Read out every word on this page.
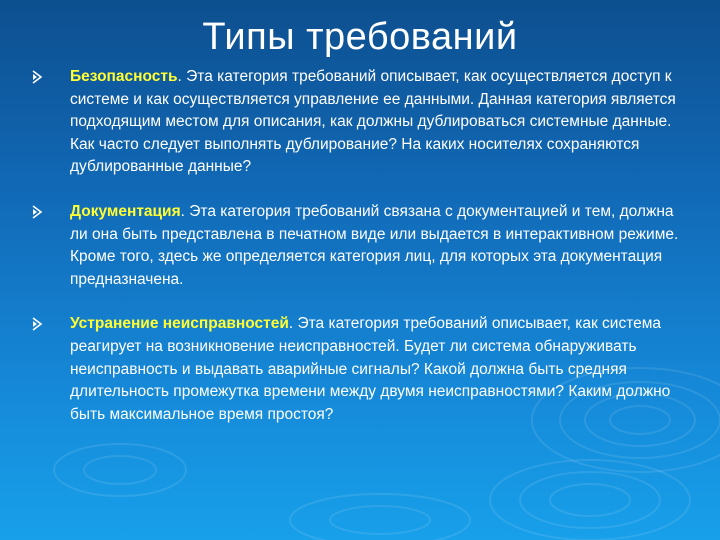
Типы требований
Безопасность. Эта категория требований описывает, как осуществляется доступ к системе и как осуществляется управление ее данными. Данная категория является подходящим местом для описания, как должны дублироваться системные данные. Как часто следует выполнять дублирование? На каких носителях сохраняются дублированные данные?
Документация. Эта категория требований связана с документацией и тем, должна ли она быть представлена в печатном виде или выдается в интерактивном режиме. Кроме того, здесь же определяется категория лиц, для которых эта документация предназначена.
Устранение неисправностей. Эта категория требований описывает, как система реагирует на возникновение неисправностей. Будет ли система обнаруживать неисправность и выдавать аварийные сигналы? Какой должна быть средняя длительность промежутка времени между двумя неисправностями? Каким должно быть максимальное время простоя?
